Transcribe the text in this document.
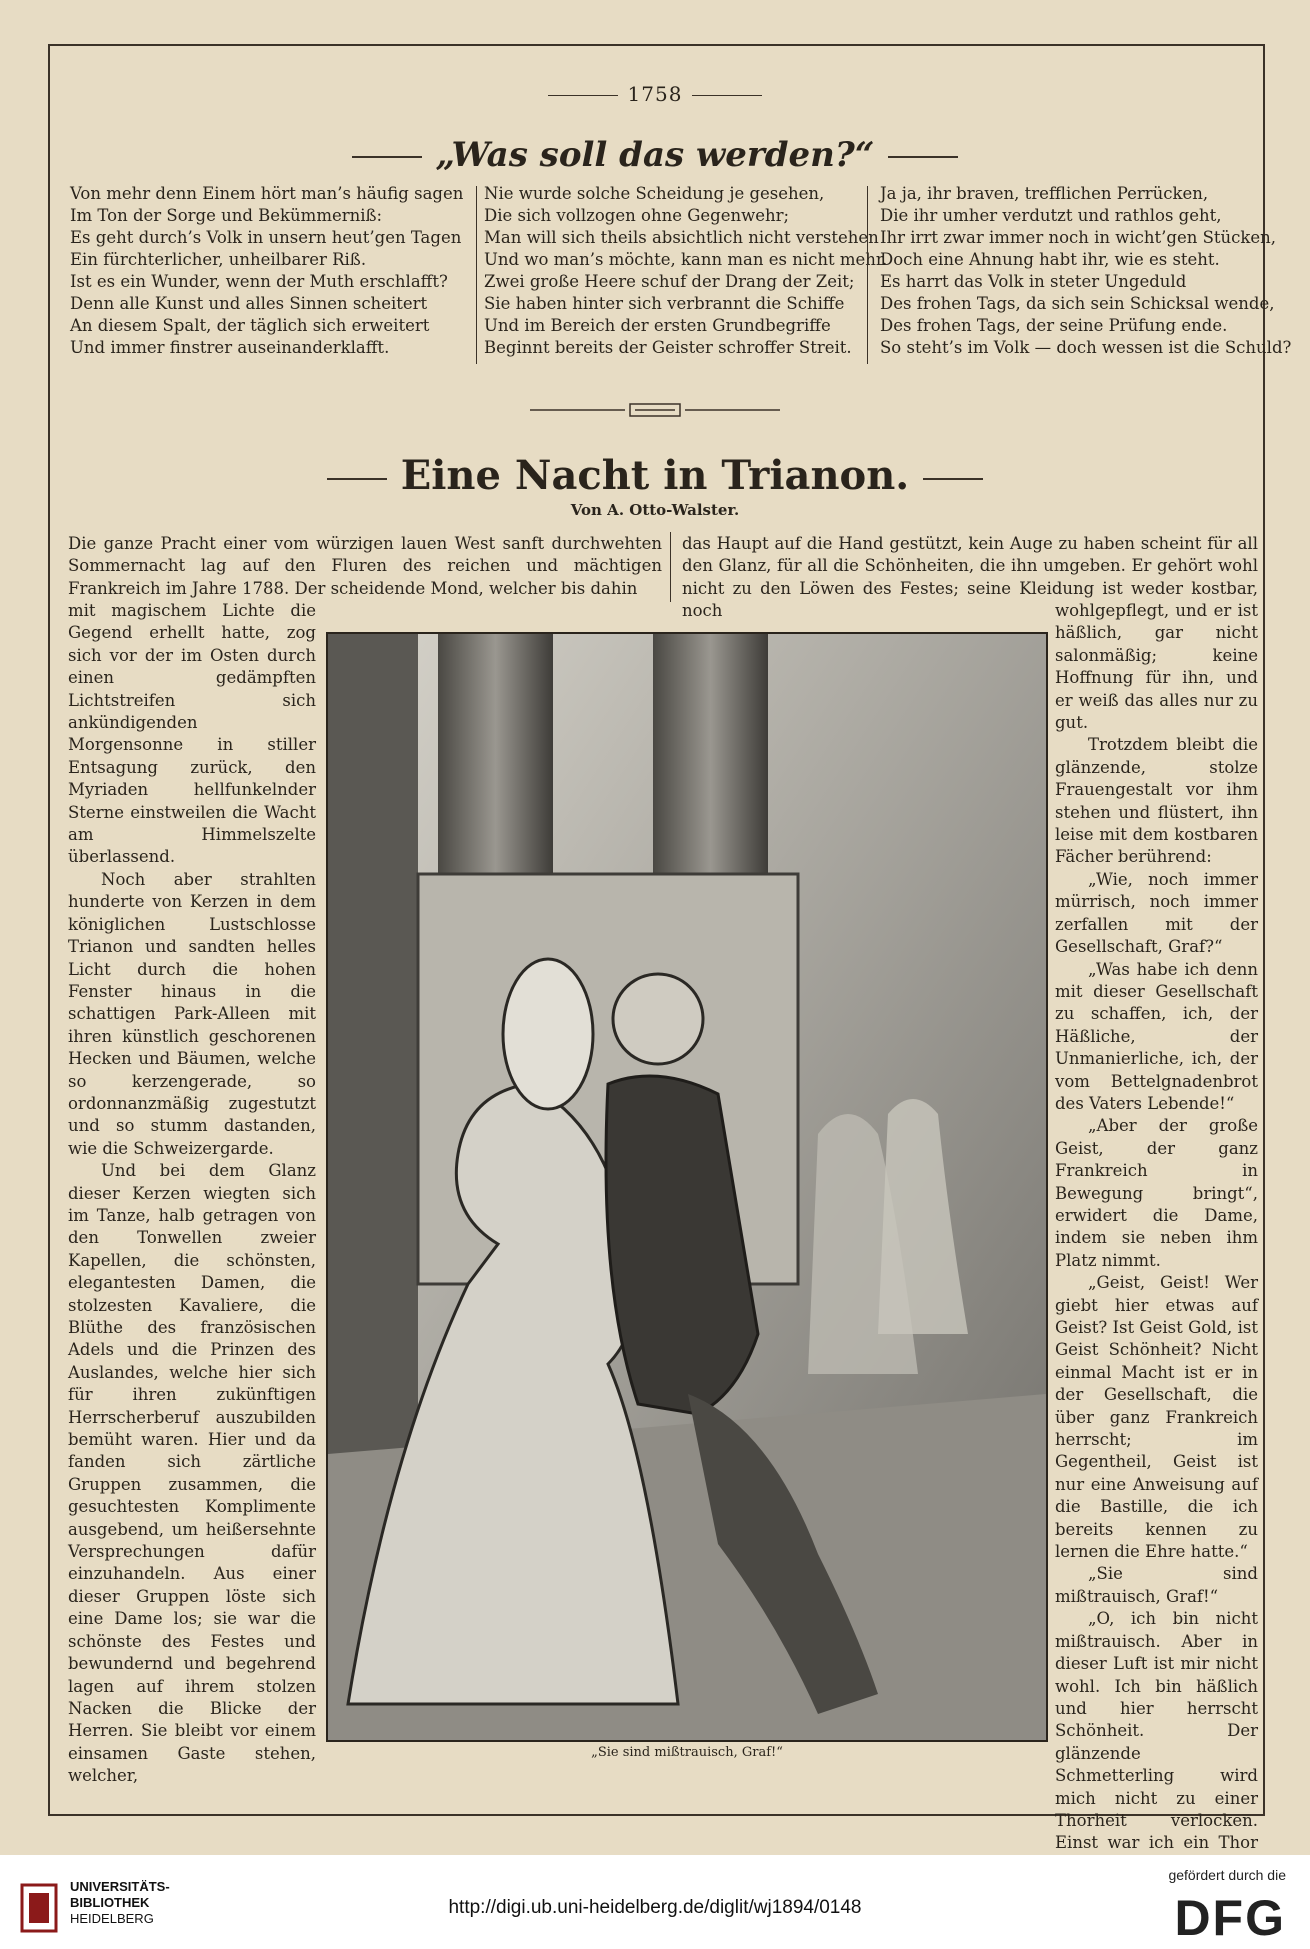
1758
„Was soll das werden?“
Von mehr denn Einem hört man’s häufig sagen
Im Ton der Sorge und Bekümmerniß:
Es geht durch’s Volk in unsern heut’gen Tagen
Ein fürchterlicher, unheilbarer Riß.
Ist es ein Wunder, wenn der Muth erschlafft?
Denn alle Kunst und alles Sinnen scheitert
An diesem Spalt, der täglich sich erweitert
Und immer finstrer auseinanderklafft.
Nie wurde solche Scheidung je gesehen,
Die sich vollzogen ohne Gegenwehr;
Man will sich theils absichtlich nicht verstehen
Und wo man’s möchte, kann man es nicht mehr.
Zwei große Heere schuf der Drang der Zeit;
Sie haben hinter sich verbrannt die Schiffe
Und im Bereich der ersten Grundbegriffe
Beginnt bereits der Geister schroffer Streit.
Ja ja, ihr braven, trefflichen Perrücken,
Die ihr umher verdutzt und rathlos geht,
Ihr irrt zwar immer noch in wicht’gen Stücken,
Doch eine Ahnung habt ihr, wie es steht.
Es harrt das Volk in steter Ungeduld
Des frohen Tags, da sich sein Schicksal wende,
Des frohen Tags, der seine Prüfung ende.
So steht’s im Volk — doch wessen ist die Schuld?
Eine Nacht in Trianon.
Von A. Otto-Walster.

Die ganze Pracht einer vom würzigen lauen West sanft durchwehten Sommernacht lag auf den Fluren des reichen und mächtigen Frankreich im Jahre 1788. Der scheidende Mond, welcher bis dahin

das Haupt auf die Hand gestützt, kein Auge zu haben scheint für all den Glanz, für all die Schönheiten, die ihn umgeben. Er gehört wohl nicht zu den Löwen des Festes; seine Kleidung ist weder kostbar, noch

mit magischem Lichte die Gegend erhellt hatte, zog sich vor der im Osten durch einen gedämpften Lichtstreifen sich ankündigenden Morgensonne in stiller Entsagung zurück, den Myriaden hellfunkelnder Sterne einstweilen die Wacht am Himmelszelte überlassend.

Noch aber strahlten hunderte von Kerzen in dem königlichen Lustschlosse Trianon und sandten helles Licht durch die hohen Fenster hinaus in die schattigen Park-Alleen mit ihren künstlich geschorenen Hecken und Bäumen, welche so kerzengerade, so ordonnanzmäßig zugestutzt und so stumm dastanden, wie die Schweizergarde.

Und bei dem Glanz dieser Kerzen wiegten sich im Tanze, halb getragen von den Tonwellen zweier Kapellen, die schönsten, elegantesten Damen, die stolzesten Kavaliere, die Blüthe des französischen Adels und die Prinzen des Auslandes, welche hier sich für ihren zukünftigen Herrscherberuf auszubilden bemüht waren. Hier und da fanden sich zärtliche Gruppen zusammen, die gesuchtesten Komplimente ausgebend, um heißersehnte Versprechungen dafür einzuhandeln. Aus einer dieser Gruppen löste sich eine Dame los; sie war die schönste des Festes und bewundernd und begehrend lagen auf ihrem stolzen Nacken die Blicke der Herren. Sie bleibt vor einem einsamen Gaste stehen, welcher,

wohlgepflegt, und er ist häßlich, gar nicht salonmäßig; keine Hoffnung für ihn, und er weiß das alles nur zu gut.

Trotzdem bleibt die glänzende, stolze Frauengestalt vor ihm stehen und flüstert, ihn leise mit dem kostbaren Fächer berührend:

„Wie, noch immer mürrisch, noch immer zerfallen mit der Gesellschaft, Graf?“

„Was habe ich denn mit dieser Gesellschaft zu schaffen, ich, der Häßliche, der Unmanierliche, ich, der vom Bettelgnadenbrot des Vaters Lebende!“

„Aber der große Geist, der ganz Frankreich in Bewegung bringt“, erwidert die Dame, indem sie neben ihm Platz nimmt.

„Geist, Geist! Wer giebt hier etwas auf Geist? Ist Geist Gold, ist Geist Schönheit? Nicht einmal Macht ist er in der Gesellschaft, die über ganz Frankreich herrscht; im Gegentheil, Geist ist nur eine Anweisung auf die Bastille, die ich bereits kennen zu lernen die Ehre hatte.“

„Sie sind mißtrauisch, Graf!“

„O, ich bin nicht mißtrauisch. Aber in dieser Luft ist mir nicht wohl. Ich bin häßlich und hier herrscht Schönheit. Der glänzende Schmetterling wird mich nicht zu einer Thorheit verlocken. Einst war ich ein Thor

„Sie sind mißtrauisch, Graf!“
UNIVERSITÄTS-
BIBLIOTHEK
HEIDELBERG
http://digi.ub.uni-heidelberg.de/diglit/wj1894/0148
gefördert durch die
DFG
